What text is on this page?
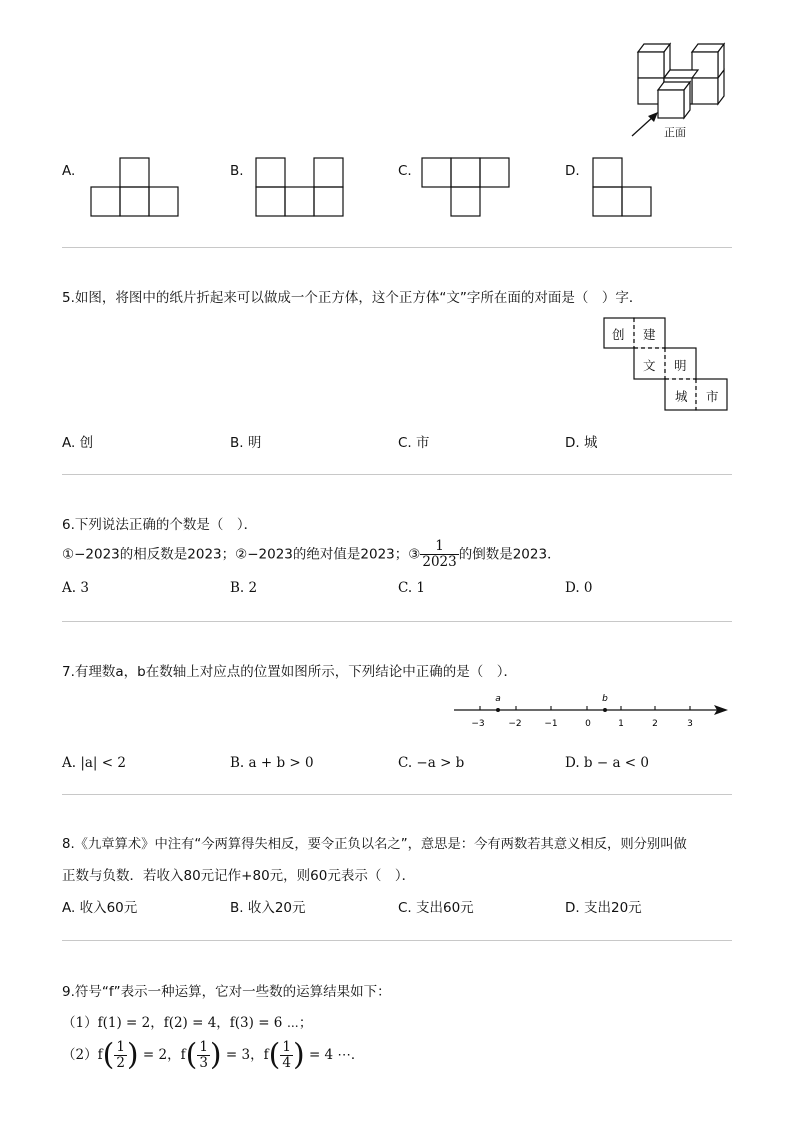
正面
A.	B.	C.	D.
5.如图，将图中的纸片折起来可以做成一个正方体，这个正方体“文”字所在面的对面是（　）字．
创 建
文 明
城 市
A. 创	B. 明	C. 市	D. 城
6.下列说法正确的个数是（　）．
①−2023的相反数是2023；②−2023的绝对值是2023；③ $\frac{1}{2023}$ 的倒数是2023．
A. 3	B. 2	C. 1	D. 0
7.有理数a，b在数轴上对应点的位置如图所示，下列结论中正确的是（　）．
a	b
−3	−2	−1	0	1	2	3
A. |a| < 2	B. a + b > 0	C. −a > b	D. b − a < 0
8.《九章算术》中注有“今两算得失相反，要令正负以名之”，意思是：今有两数若其意义相反，则分别叫做
正数与负数．若收入80元记作+80元，则60元表示（　）．
A. 收入60元	B. 收入20元	C. 支出60元	D. 支出20元
9.符号“f”表示一种运算，它对一些数的运算结果如下：
（1）f(1) = 2，f(2) = 4，f(3) = 6 ⋯；
$(2)f( \frac{1}{2}$ ) = 2，$f( \frac{1}{3}$ ) = 3，$f( \frac{1}{4}$ ) = 4 ⋯．
